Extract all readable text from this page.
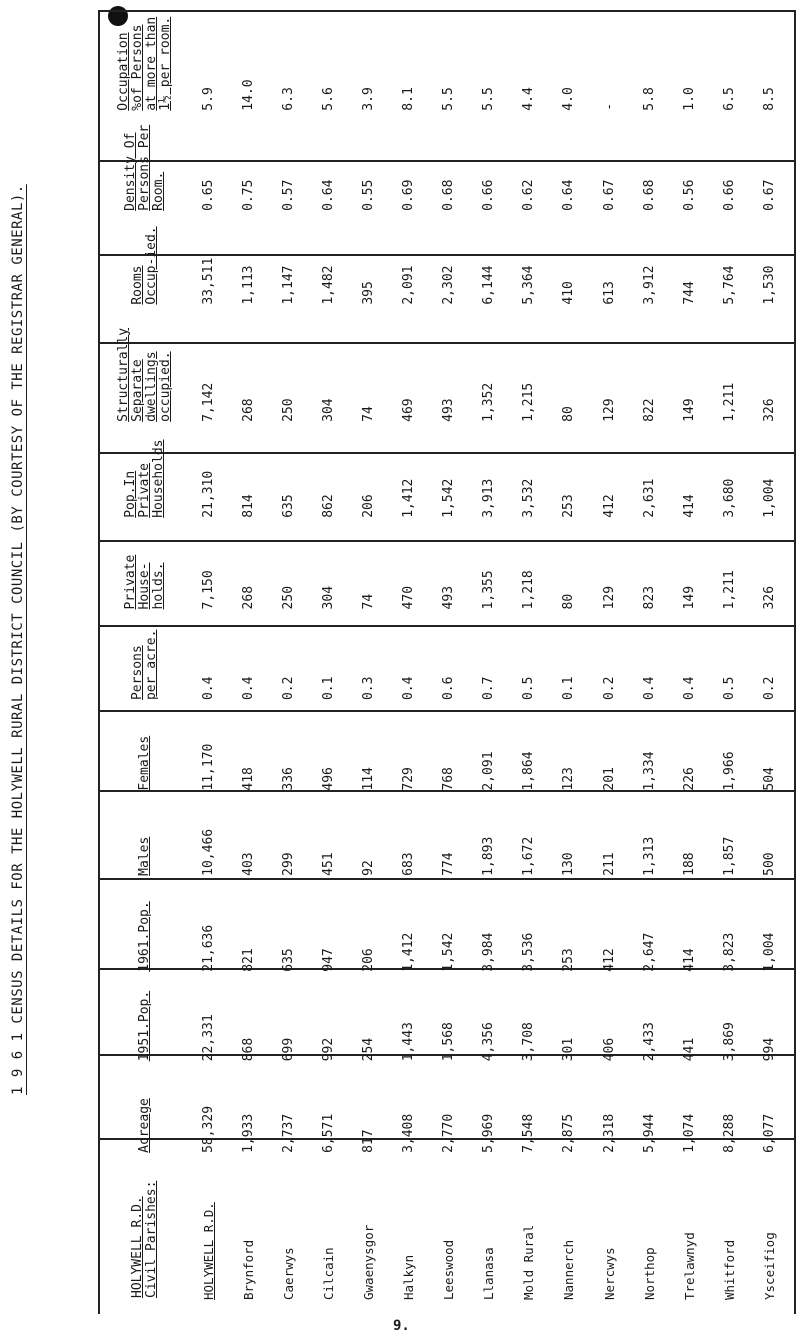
1 9 6 1 CENSUS DETAILS FOR THE HOLYWELL RURAL DISTRICT COUNCIL (BY COURTESY OF THE REGISTRAR GENERAL).
HOLYWELL R.D. Civil Parishes:	Acreage	1951.Pop.	1961.Pop.	Males	Females	Persons per acre.	Private House-holds.	Pop.In Private Households	Structurally Separate dwellings occupied.	Rooms Occup-ied.	Density Of Persons Per Room.	Occupation %of Persons at more than 1½ per room.
HOLYWELL R.D.	58,329	22,331	21,636	10,466	11,170	0.4	7,150	21,310	7,142	33,511	0.65	5.9
Brynford	1,933	868	821	403	418	0.4	268	814	268	1,113	0.75	14.0
Caerwys	2,737	699	635	299	336	0.2	250	635	250	1,147	0.57	6.3
Cilcain	6,571	992	947	451	496	0.1	304	862	304	1,482	0.64	5.6
Gwaenysgor	817	254	206	92	114	0.3	74	206	74	395	0.55	3.9
Halkyn	3,408	1,443	1,412	683	729	0.4	470	1,412	469	2,091	0.69	8.1
Leeswood	2,770	1,568	1,542	774	768	0.6	493	1,542	493	2,302	0.68	5.5
Llanasa	5,969	4,356	3,984	1,893	2,091	0.7	1,355	3,913	1,352	6,144	0.66	5.5
Mold Rural	7,548	3,708	3,536	1,672	1,864	0.5	1,218	3,532	1,215	5,364	0.62	4.4
Nannerch	2,875	301	253	130	123	0.1	80	253	80	410	0.64	4.0
Nercwys	2,318	406	412	211	201	0.2	129	412	129	613	0.67	-
Northop	5,944	2,433	2,647	1,313	1,334	0.4	823	2,631	822	3,912	0.68	5.8
Trelawnyd	1,074	441	414	188	226	0.4	149	414	149	744	0.56	1.0
Whitford	8,288	3,869	3,823	1,857	1,966	0.5	1,211	3,680	1,211	5,764	0.66	6.5
Ysceifiog	6,077	994	1,004	500	504	0.2	326	1,004	326	1,530	0.67	8.5
9.
